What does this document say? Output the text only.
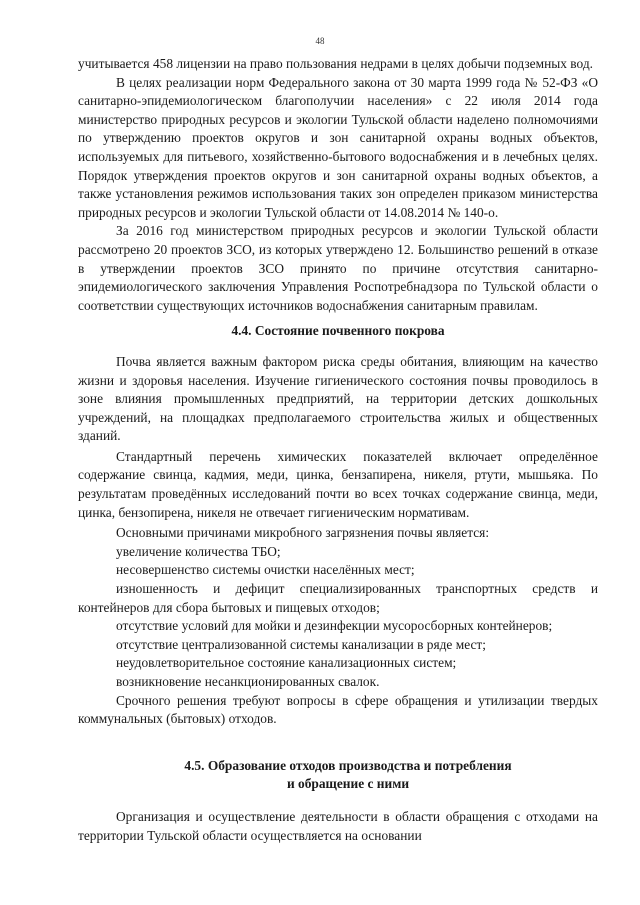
48

учитывается 458 лицензии на право пользования недрами в целях добычи подземных вод.

В целях реализации норм Федерального закона от 30 марта 1999 года № 52-ФЗ «О санитарно-эпидемиологическом благополучии населения» с 22 июля 2014 года министерство природных ресурсов и экологии Тульской области наделено полномочиями по утверждению проектов округов и зон санитарной охраны водных объектов, используемых для питьевого, хозяйственно-бытового водоснабжения и в лечебных целях. Порядок утверждения проектов округов и зон санитарной охраны водных объектов, а также установления режимов использования таких зон определен приказом министерства природных ресурсов и экологии Тульской области от 14.08.2014 № 140-о.

За 2016 год министерством природных ресурсов и экологии Тульской области рассмотрено 20 проектов ЗСО, из которых утверждено 12. Большинство решений в отказе в утверждении проектов ЗСО принято по причине отсутствия санитарно-эпидемиологического заключения Управления Роспотребнадзора по Тульской области о соответствии существующих источников водоснабжения санитарным правилам.

4.4. Состояние почвенного покрова

Почва является важным фактором риска среды обитания, влияющим на качество жизни и здоровья населения. Изучение гигиенического состояния почвы проводилось в зоне влияния промышленных предприятий, на территории детских дошкольных учреждений, на площадках предполагаемого строительства жилых и общественных зданий.

Стандартный перечень химических показателей включает определённое содержание свинца, кадмия, меди, цинка, бензапирена, никеля, ртути, мышьяка. По результатам проведённых исследований почти во всех точках содержание свинца, меди, цинка, бензопирена, никеля не отвечает гигиеническим нормативам.

Основными причинами микробного загрязнения почвы является:

увеличение количества ТБО;

несовершенство системы очистки населённых мест;

изношенность и дефицит специализированных транспортных средств и контейнеров для сбора бытовых и пищевых отходов;

отсутствие условий для мойки и дезинфекции мусоросборных контейнеров;

отсутствие централизованной системы канализации в ряде мест;

неудовлетворительное состояние канализационных систем;

возникновение несанкционированных свалок.

Срочного решения требуют вопросы в сфере обращения и утилизации твердых коммунальных (бытовых) отходов.

4.5. Образование отходов производства и потребления
и обращение с ними

Организация и осуществление деятельности в области обращения с отходами на территории Тульской области осуществляется на основании
